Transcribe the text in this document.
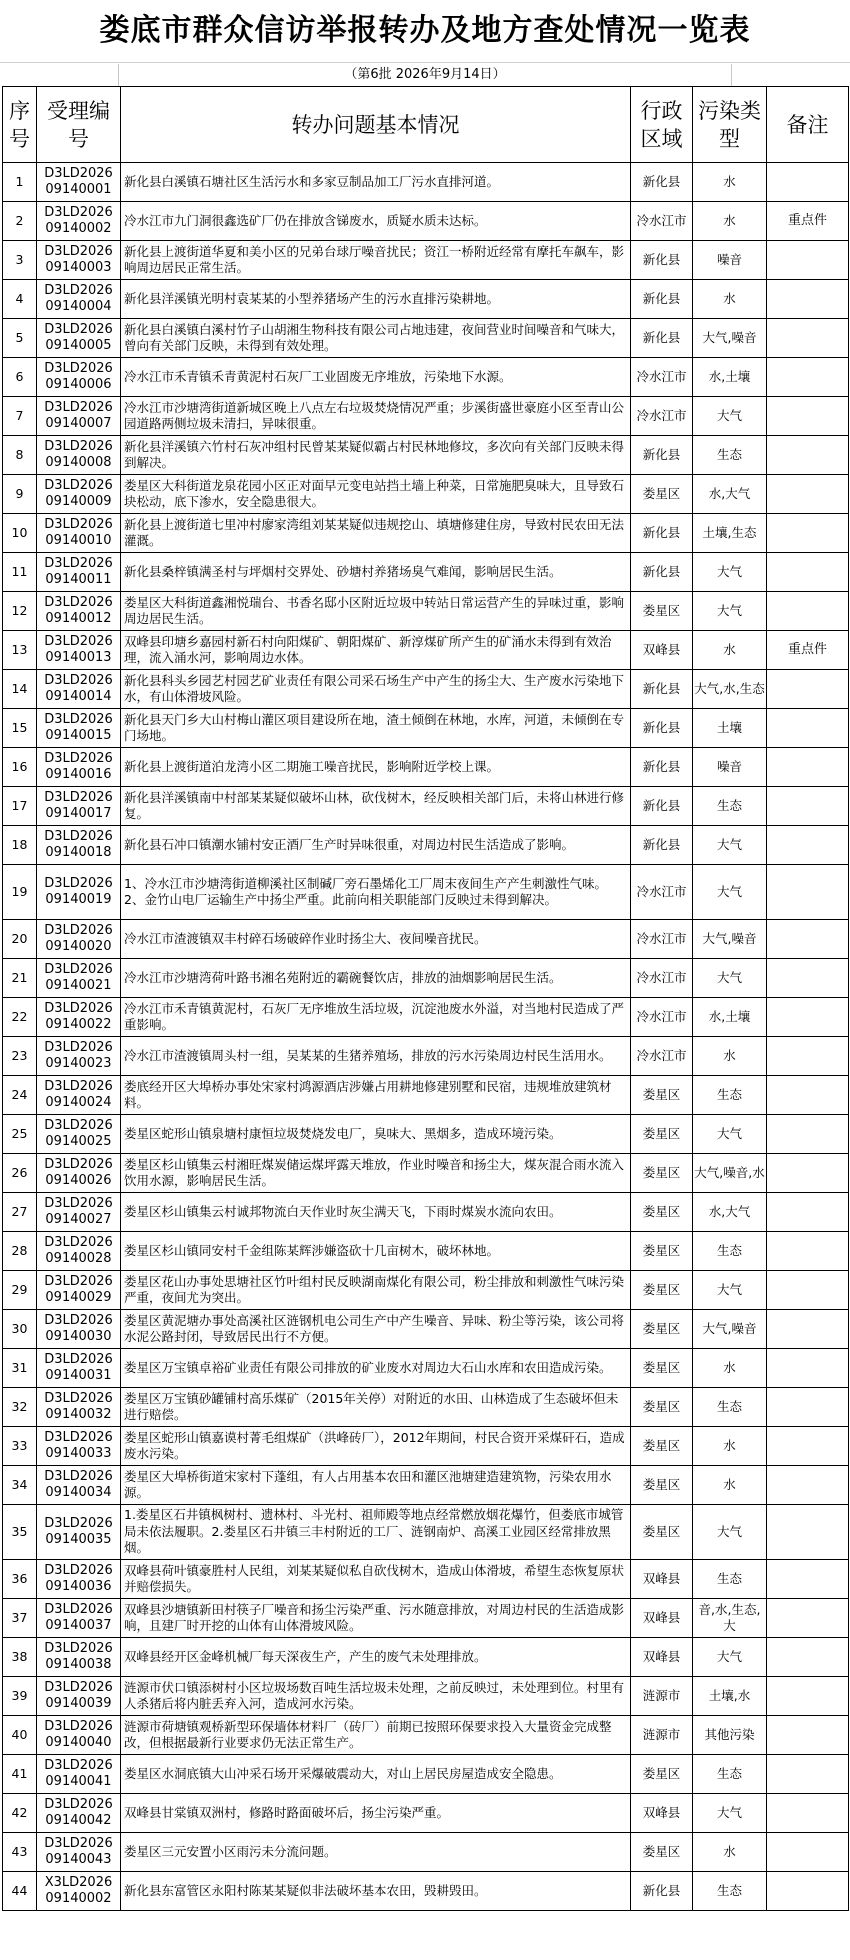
娄底市群众信访举报转办及地方查处情况一览表
（第6批 2026年9月14日）
序号	受理编号	转办问题基本情况	行政区域	污染类型	备注
1	D3LD2026 09140001	新化县白溪镇石塘社区生活污水和多家豆制品加工厂污水直排河道。	新化县	水	
2	D3LD2026 09140002	冷水江市九门洞很鑫选矿厂仍在排放含锑废水，质疑水质未达标。	冷水江市	水	重点件
3	D3LD2026 09140003	新化县上渡街道华夏和美小区的兄弟台球厅噪音扰民；资江一桥附近经常有摩托车飙车，影响周边居民正常生活。	新化县	噪音	
4	D3LD2026 09140004	新化县洋溪镇光明村袁某某的小型养猪场产生的污水直排污染耕地。	新化县	水	
5	D3LD2026 09140005	新化县白溪镇白溪村竹子山胡湘生物科技有限公司占地违建，夜间营业时间噪音和气味大，曾向有关部门反映，未得到有效处理。	新化县	大气,噪音	
6	D3LD2026 09140006	冷水江市禾青镇禾青黄泥村石灰厂工业固废无序堆放，污染地下水源。	冷水江市	水,土壤	
7	D3LD2026 09140007	冷水江市沙塘湾街道新城区晚上八点左右垃圾焚烧情况严重；步溪街盛世豪庭小区至青山公园道路两侧垃圾未清扫，异味很重。	冷水江市	大气	
8	D3LD2026 09140008	新化县洋溪镇六竹村石灰冲组村民曾某某疑似霸占村民林地修坟，多次向有关部门反映未得到解决。	新化县	生态	
9	D3LD2026 09140009	娄星区大科街道龙泉花园小区正对面早元变电站挡土墙上种菜，日常施肥臭味大，且导致石块松动，底下渗水，安全隐患很大。	娄星区	水,大气	
10	D3LD2026 09140010	新化县上渡街道七里冲村廖家湾组刘某某疑似违规挖山、填塘修建住房，导致村民农田无法灌溉。	新化县	土壤,生态	
11	D3LD2026 09140011	新化县桑梓镇满圣村与坪烟村交界处、砂塘村养猪场臭气难闻，影响居民生活。	新化县	大气	
12	D3LD2026 09140012	娄星区大科街道鑫湘悦瑞台、书香名邸小区附近垃圾中转站日常运营产生的异味过重，影响周边居民生活。	娄星区	大气	
13	D3LD2026 09140013	双峰县印塘乡嘉园村新石村向阳煤矿、朝阳煤矿、新淳煤矿所产生的矿涌水未得到有效治理，流入涌水河，影响周边水体。	双峰县	水	重点件
14	D3LD2026 09140014	新化县科头乡园艺村园艺矿业责任有限公司采石场生产中产生的扬尘大、生产废水污染地下水，有山体滑坡风险。	新化县	大气,水,生态	
15	D3LD2026 09140015	新化县天门乡大山村梅山灌区项目建设所在地，渣土倾倒在林地，水库，河道，未倾倒在专门场地。	新化县	土壤	
16	D3LD2026 09140016	新化县上渡街道泊龙湾小区二期施工噪音扰民，影响附近学校上课。	新化县	噪音	
17	D3LD2026 09140017	新化县洋溪镇南中村部某某疑似破坏山林，砍伐树木，经反映相关部门后，未将山林进行修复。	新化县	生态	
18	D3LD2026 09140018	新化县石冲口镇潮水铺村安正酒厂生产时异味很重，对周边村民生活造成了影响。	新化县	大气	
19	D3LD2026 09140019	1、冷水江市沙塘湾街道柳溪社区制碱厂旁石墨烯化工厂周末夜间生产产生刺激性气味。2、金竹山电厂运输生产中扬尘严重。此前向相关职能部门反映过未得到解决。	冷水江市	大气	
20	D3LD2026 09140020	冷水江市渣渡镇双丰村碎石场破碎作业时扬尘大、夜间噪音扰民。	冷水江市	大气,噪音	
21	D3LD2026 09140021	冷水江市沙塘湾荷叶路书湘名苑附近的霸碗餐饮店，排放的油烟影响居民生活。	冷水江市	大气	
22	D3LD2026 09140022	冷水江市禾青镇黄泥村，石灰厂无序堆放生活垃圾，沉淀池废水外溢，对当地村民造成了严重影响。	冷水江市	水,土壤	
23	D3LD2026 09140023	冷水江市渣渡镇周头村一组，吴某某的生猪养殖场，排放的污水污染周边村民生活用水。	冷水江市	水	
24	D3LD2026 09140024	娄底经开区大埠桥办事处宋家村鸿源酒店涉嫌占用耕地修建别墅和民宿，违规堆放建筑材料。	娄星区	生态	
25	D3LD2026 09140025	娄星区蛇形山镇泉塘村康恒垃圾焚烧发电厂，臭味大、黑烟多，造成环境污染。	娄星区	大气	
26	D3LD2026 09140026	娄星区杉山镇集云村湘旺煤炭储运煤坪露天堆放，作业时噪音和扬尘大，煤灰混合雨水流入饮用水源，影响居民生活。	娄星区	大气,噪音,水	
27	D3LD2026 09140027	娄星区杉山镇集云村诚邦物流白天作业时灰尘满天飞，下雨时煤炭水流向农田。	娄星区	水,大气	
28	D3LD2026 09140028	娄星区杉山镇同安村千金组陈某辉涉嫌盗砍十几亩树木，破坏林地。	娄星区	生态	
29	D3LD2026 09140029	娄星区花山办事处思塘社区竹叶组村民反映湖南煤化有限公司，粉尘排放和刺激性气味污染严重，夜间尤为突出。	娄星区	大气	
30	D3LD2026 09140030	娄星区黄泥塘办事处高溪社区涟钢机电公司生产中产生噪音、异味、粉尘等污染，该公司将水泥公路封闭，导致居民出行不方便。	娄星区	大气,噪音	
31	D3LD2026 09140031	娄星区万宝镇卓裕矿业责任有限公司排放的矿业废水对周边大石山水库和农田造成污染。	娄星区	水	
32	D3LD2026 09140032	娄星区万宝镇砂罐铺村高乐煤矿（2015年关停）对附近的水田、山林造成了生态破坏但未进行赔偿。	娄星区	生态	
33	D3LD2026 09140033	娄星区蛇形山镇嘉谟村菁毛组煤矿（洪峰砖厂），2012年期间，村民合资开采煤矸石，造成废水污染。	娄星区	水	
34	D3LD2026 09140034	娄星区大埠桥街道宋家村下蓬组，有人占用基本农田和灌区池塘建造建筑物，污染农用水源。	娄星区	水	
35	D3LD2026 09140035	1.娄星区石井镇枫树村、遗林村、斗光村、祖师殿等地点经常燃放烟花爆竹，但娄底市城管局未依法履职。2.娄星区石井镇三丰村附近的工厂、涟钢南炉、高溪工业园区经常排放黑烟。	娄星区	大气	
36	D3LD2026 09140036	双峰县荷叶镇豪胜村人民组，刘某某疑似私自砍伐树木，造成山体滑坡，希望生态恢复原状并赔偿损失。	双峰县	生态	
37	D3LD2026 09140037	双峰县沙塘镇新田村筷子厂噪音和扬尘污染严重、污水随意排放，对周边村民的生活造成影响，且建厂时开挖的山体有山体滑坡风险。	双峰县	音,水,生态,大	
38	D3LD2026 09140038	双峰县经开区金峰机械厂每天深夜生产，产生的废气未处理排放。	双峰县	大气	
39	D3LD2026 09140039	涟源市伏口镇添树村小区垃圾场数百吨生活垃圾未处理，之前反映过，未处理到位。村里有人杀猪后将内脏丢弃入河，造成河水污染。	涟源市	土壤,水	
40	D3LD2026 09140040	涟源市荷塘镇观桥新型环保墙体材料厂（砖厂）前期已按照环保要求投入大量资金完成整改，但根据最新行业要求仍无法正常生产。	涟源市	其他污染	
41	D3LD2026 09140041	娄星区水洞底镇大山冲采石场开采爆破震动大，对山上居民房屋造成安全隐患。	娄星区	生态	
42	D3LD2026 09140042	双峰县甘棠镇双洲村，修路时路面破坏后，扬尘污染严重。	双峰县	大气	
43	D3LD2026 09140043	娄星区三元安置小区雨污未分流问题。	娄星区	水	
44	X3LD2026 09140002	新化县东富管区永阳村陈某某疑似非法破坏基本农田，毁耕毁田。	新化县	生态	
